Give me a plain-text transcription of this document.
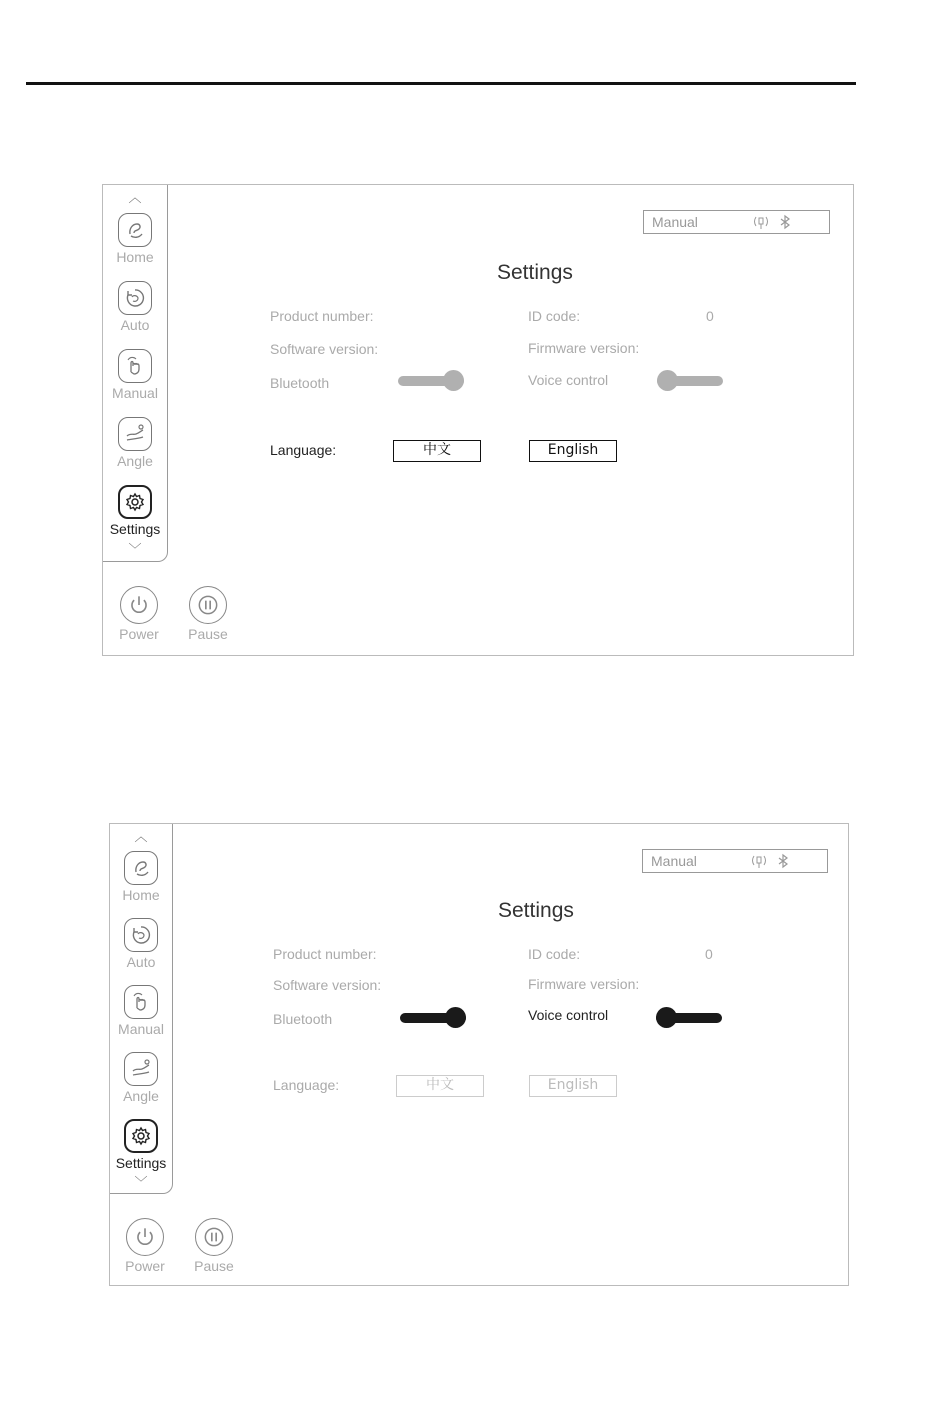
︿
Home
Auto
Manual
Angle
Settings
﹀
Power	Pause
Manual
Settings
Product number:	ID code:	0
Software version:	Firmware version:
Bluetooth	Voice control
Language:	中文	English
︿
Home
Auto
Manual
Angle
Settings
﹀
Power	Pause
Manual
Settings
Product number:	ID code:	0
Software version:	Firmware version:
Bluetooth	Voice control
Language:	中文	English
